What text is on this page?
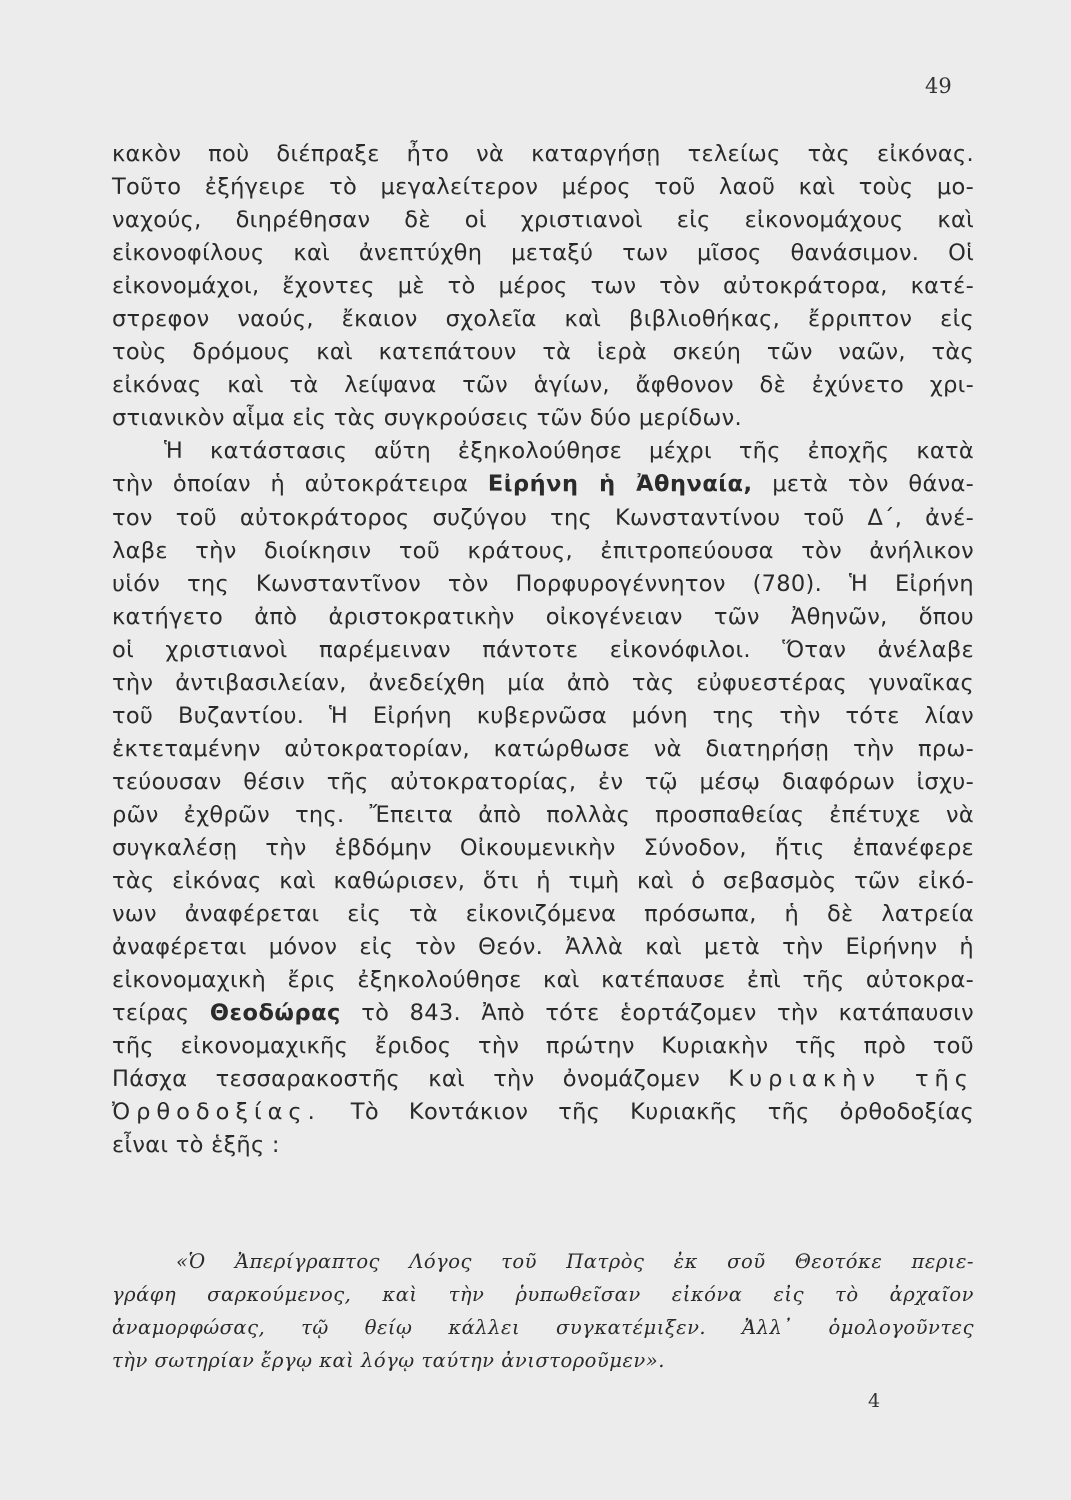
49
κακὸν ποὺ διέπραξε ἦτο νὰ καταργήσῃ τελείως τὰς εἰκόνας.
Τοῦτο ἐξήγειρε τὸ μεγαλείτερον μέρος τοῦ λαοῦ καὶ τοὺς μο-
ναχούς, διηρέθησαν δὲ οἱ χριστιανοὶ εἰς εἰκονομάχους καὶ
εἰκονοφίλους καὶ ἀνεπτύχθη μεταξύ των μῖσος θανάσιμον. Οἱ
εἰκονομάχοι, ἔχοντες μὲ τὸ μέρος των τὸν αὐτοκράτορα, κατέ-
στρεφον ναούς, ἔκαιον σχολεῖα καὶ βιβλιοθήκας, ἔρριπτον εἰς
τοὺς δρόμους καὶ κατεπάτουν τὰ ἱερὰ σκεύη τῶν ναῶν, τὰς
εἰκόνας καὶ τὰ λείψανα τῶν ἁγίων, ἄφθονον δὲ ἐχύνετο χρι-
στιανικὸν αἷμα εἰς τὰς συγκρούσεις τῶν δύο μερίδων.
Ἡ κατάστασις αὕτη ἐξηκολούθησε μέχρι τῆς ἐποχῆς κατὰ
τὴν ὁποίαν ἡ αὐτοκράτειρα Εἰρήνη ἡ Ἀθηναία, μετὰ τὸν θάνα-
τον τοῦ αὐτοκράτορος συζύγου της Κωνσταντίνου τοῦ Δ΄, ἀνέ-
λαβε τὴν διοίκησιν τοῦ κράτους, ἐπιτροπεύουσα τὸν ἀνήλικον
υἱόν της Κωνσταντῖνον τὸν Πορφυρογέννητον (780). Ἡ Εἰρήνη
κατήγετο ἀπὸ ἀριστοκρατικὴν οἰκογένειαν τῶν Ἀθηνῶν, ὅπου
οἱ χριστιανοὶ παρέμειναν πάντοτε εἰκονόφιλοι. Ὅταν ἀνέλαβε
τὴν ἀντιβασιλείαν, ἀνεδείχθη μία ἀπὸ τὰς εὐφυεστέρας γυναῖκας
τοῦ Βυζαντίου. Ἡ Εἰρήνη κυβερνῶσα μόνη της τὴν τότε λίαν
ἐκτεταμένην αὐτοκρατορίαν, κατώρθωσε νὰ διατηρήσῃ τὴν πρω-
τεύουσαν θέσιν τῆς αὐτοκρατορίας, ἐν τῷ μέσῳ διαφόρων ἰσχυ-
ρῶν ἐχθρῶν της. Ἔπειτα ἀπὸ πολλὰς προσπαθείας ἐπέτυχε νὰ
συγκαλέσῃ τὴν ἑβδόμην Οἰκουμενικὴν Σύνοδον, ἥτις ἐπανέφερε
τὰς εἰκόνας καὶ καθώρισεν, ὅτι ἡ τιμὴ καὶ ὁ σεβασμὸς τῶν εἰκό-
νων ἀναφέρεται εἰς τὰ εἰκονιζόμενα πρόσωπα, ἡ δὲ λατρεία
ἀναφέρεται μόνον εἰς τὸν Θεόν. Ἀλλὰ καὶ μετὰ τὴν Εἰρήνην ἡ
εἰκονομαχικὴ ἔρις ἐξηκολούθησε καὶ κατέπαυσε ἐπὶ τῆς αὐτοκρα-
τείρας Θεοδώρας τὸ 843. Ἀπὸ τότε ἑορτάζομεν τὴν κατάπαυσιν
τῆς εἰκονομαχικῆς ἔριδος τὴν πρώτην Κυριακὴν τῆς πρὸ τοῦ
Πάσχα τεσσαρακοστῆς καὶ τὴν ὀνομάζομεν Κυριακὴν τῆς
Ὀρθοδοξίας. Τὸ Κοντάκιον τῆς Κυριακῆς τῆς ὀρθοδοξίας
εἶναι τὸ ἑξῆς :
«Ὁ Ἀπερίγραπτος Λόγος τοῦ Πατρὸς ἐκ σοῦ Θεοτόκε περιε-
γράφη σαρκούμενος, καὶ τὴν ῥυπωθεῖσαν εἰκόνα εἰς τὸ ἀρχαῖον
ἀναμορφώσας, τῷ θείῳ κάλλει συγκατέμιξεν. Ἀλλ᾽ ὁμολογοῦντες
τὴν σωτηρίαν ἔργῳ καὶ λόγῳ ταύτην ἀνιστοροῦμεν».
4
